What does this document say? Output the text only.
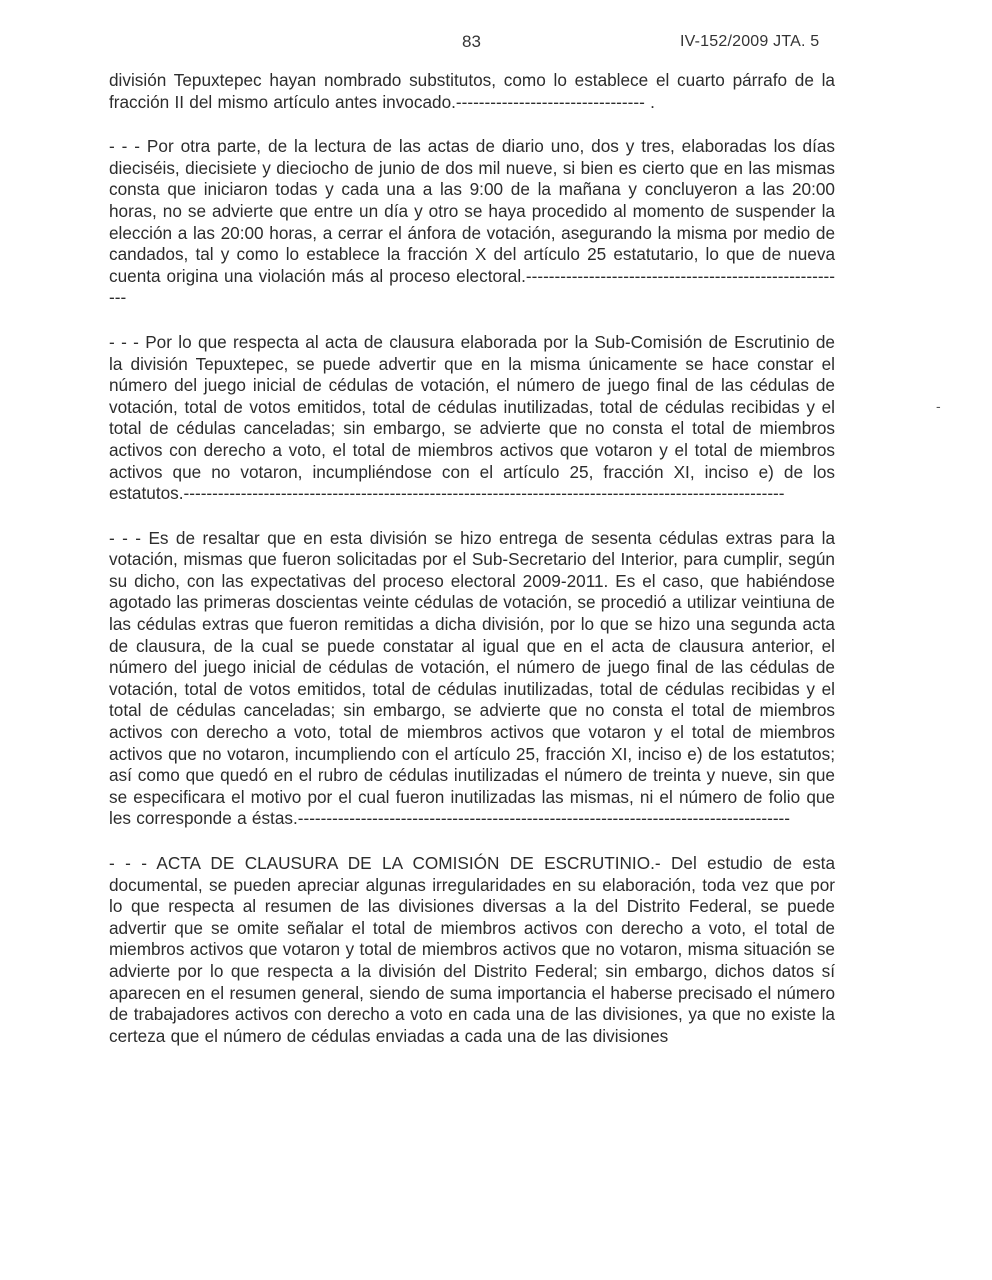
83	IV-152/2009 JTA. 5
-

división Tepuxtepec hayan nombrado substitutos, como lo establece el cuarto párrafo de la fracción II del mismo artículo antes invocado.--------------------------------- .

- - - Por otra parte, de la lectura de las actas de diario uno, dos y tres, elaboradas los días dieciséis, diecisiete y dieciocho de junio de dos mil nueve, si bien es cierto que en las mismas consta que iniciaron todas y cada una a las 9:00 de la mañana y concluyeron a las 20:00 horas, no se advierte que entre un día y otro se haya procedido al momento de suspender la elección a las 20:00 horas, a cerrar el ánfora de votación, asegurando la misma por medio de candados, tal y como lo establece la fracción X del artículo 25 estatutario, lo que de nueva cuenta origina una violación más al proceso electoral.---------------------------------------------------------

- - - Por lo que respecta al acta de clausura elaborada por la Sub-Comisión de Escrutinio de la división Tepuxtepec, se puede advertir que en la misma únicamente se hace constar el número del juego inicial de cédulas de votación, el número de juego final de las cédulas de votación, total de votos emitidos, total de cédulas inutilizadas, total de cédulas recibidas y el total de cédulas canceladas; sin embargo, se advierte que no consta el total de miembros activos con derecho a voto, el total de miembros activos que votaron y el total de miembros activos que no votaron, incumpliéndose con el artículo 25, fracción XI, inciso e) de los estatutos.---------------------------------------------------------------------------------------------------------

- - - Es de resaltar que en esta división se hizo entrega de sesenta cédulas extras para la votación, mismas que fueron solicitadas por el Sub-Secretario del Interior, para cumplir, según su dicho, con las expectativas del proceso electoral 2009-2011. Es el caso, que habiéndose agotado las primeras doscientas veinte cédulas de votación, se procedió a utilizar veintiuna de las cédulas extras que fueron remitidas a dicha división, por lo que se hizo una segunda acta de clausura, de la cual se puede constatar al igual que en el acta de clausura anterior, el número del juego inicial de cédulas de votación, el número de juego final de las cédulas de votación, total de votos emitidos, total de cédulas inutilizadas, total de cédulas recibidas y el total de cédulas canceladas; sin embargo, se advierte que no consta el total de miembros activos con derecho a voto, total de miembros activos que votaron y el total de miembros activos que no votaron, incumpliendo con el artículo 25, fracción XI, inciso e) de los estatutos; así como que quedó en el rubro de cédulas inutilizadas el número de treinta y nueve, sin que se especificara el motivo por el cual fueron inutilizadas las mismas, ni el número de folio que les corresponde a éstas.--------------------------------------------------------------------------------------

- - - ACTA DE CLAUSURA DE LA COMISIÓN DE ESCRUTINIO.- Del estudio de esta documental, se pueden apreciar algunas irregularidades en su elaboración, toda vez que por lo que respecta al resumen de las divisiones diversas a la del Distrito Federal, se puede advertir que se omite señalar el total de miembros activos con derecho a voto, el total de miembros activos que votaron y total de miembros activos que no votaron, misma situación se advierte por lo que respecta a la división del Distrito Federal; sin embargo, dichos datos sí aparecen en el resumen general, siendo de suma importancia el haberse precisado el número de trabajadores activos con derecho a voto en cada una de las divisiones, ya que no existe la certeza que el número de cédulas enviadas a cada una de las divisiones
